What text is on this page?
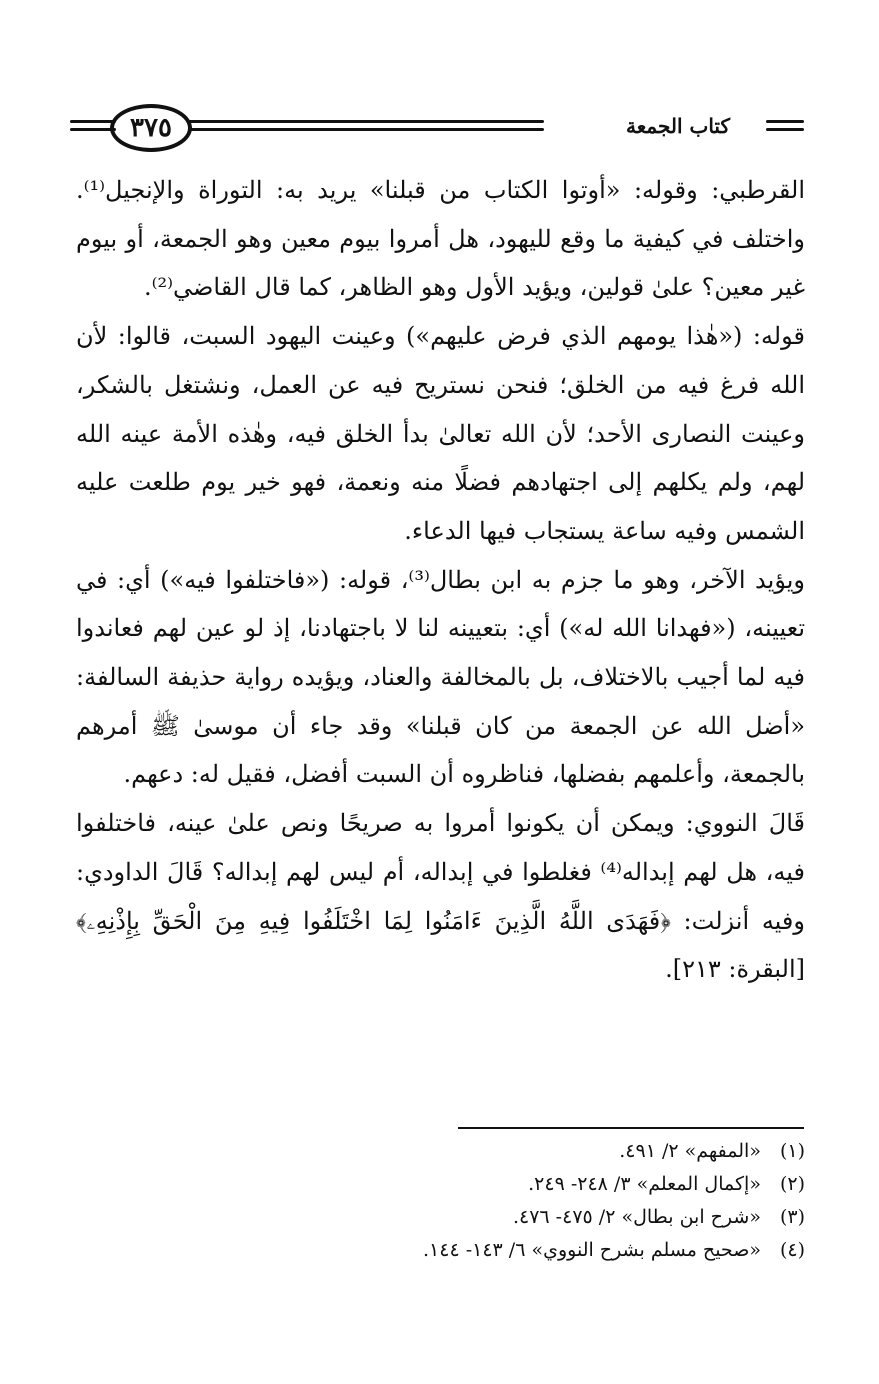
٣٧٥	كتاب الجمعة

القرطبي: وقوله: «أوتوا الكتاب من قبلنا» يريد به: التوراة والإنجيل⁽¹⁾. واختلف في كيفية ما وقع لليهود، هل أمروا بيوم معين وهو الجمعة، أو بيوم غير معين؟ علىٰ قولين، ويؤيد الأول وهو الظاهر، كما قال القاضي⁽²⁾.

قوله: («هٰذا يومهم الذي فرض عليهم») وعينت اليهود السبت، قالوا: لأن الله فرغ فيه من الخلق؛ فنحن نستريح فيه عن العمل، ونشتغل بالشكر، وعينت النصارى الأحد؛ لأن الله تعالىٰ بدأ الخلق فيه، وهٰذه الأمة عينه الله لهم، ولم يكلهم إلى اجتهادهم فضلًا منه ونعمة، فهو خير يوم طلعت عليه الشمس وفيه ساعة يستجاب فيها الدعاء.

ويؤيد الآخر، وهو ما جزم به ابن بطال⁽³⁾، قوله: («فاختلفوا فيه») أي: في تعيينه، («فهدانا الله له») أي: بتعيينه لنا لا باجتهادنا، إذ لو عين لهم فعاندوا فيه لما أجيب بالاختلاف، بل بالمخالفة والعناد، ويؤيده رواية حذيفة السالفة: «أضل الله عن الجمعة من كان قبلنا» وقد جاء أن موسىٰ ﷺ أمرهم بالجمعة، وأعلمهم بفضلها، فناظروه أن السبت أفضل، فقيل له: دعهم.

قَالَ النووي: ويمكن أن يكونوا أمروا به صريحًا ونص علىٰ عينه، فاختلفوا فيه، هل لهم إبداله⁽⁴⁾ فغلطوا في إبداله، أم ليس لهم إبداله؟ قَالَ الداودي: وفيه أنزلت: ﴿فَهَدَى اللَّهُ الَّذِينَ ءَامَنُوا لِمَا اخْتَلَفُوا فِيهِ مِنَ الْحَقِّ بِإِذْنِهِۦ﴾ [البقرة: ٢١٣].

(١) «المفهم» ٢/ ٤٩١.

(٢) «إكمال المعلم» ٣/ ٢٤٨- ٢٤٩.

(٣) «شرح ابن بطال» ٢/ ٤٧٥- ٤٧٦.

(٤) «صحيح مسلم بشرح النووي» ٦/ ١٤٣- ١٤٤.
